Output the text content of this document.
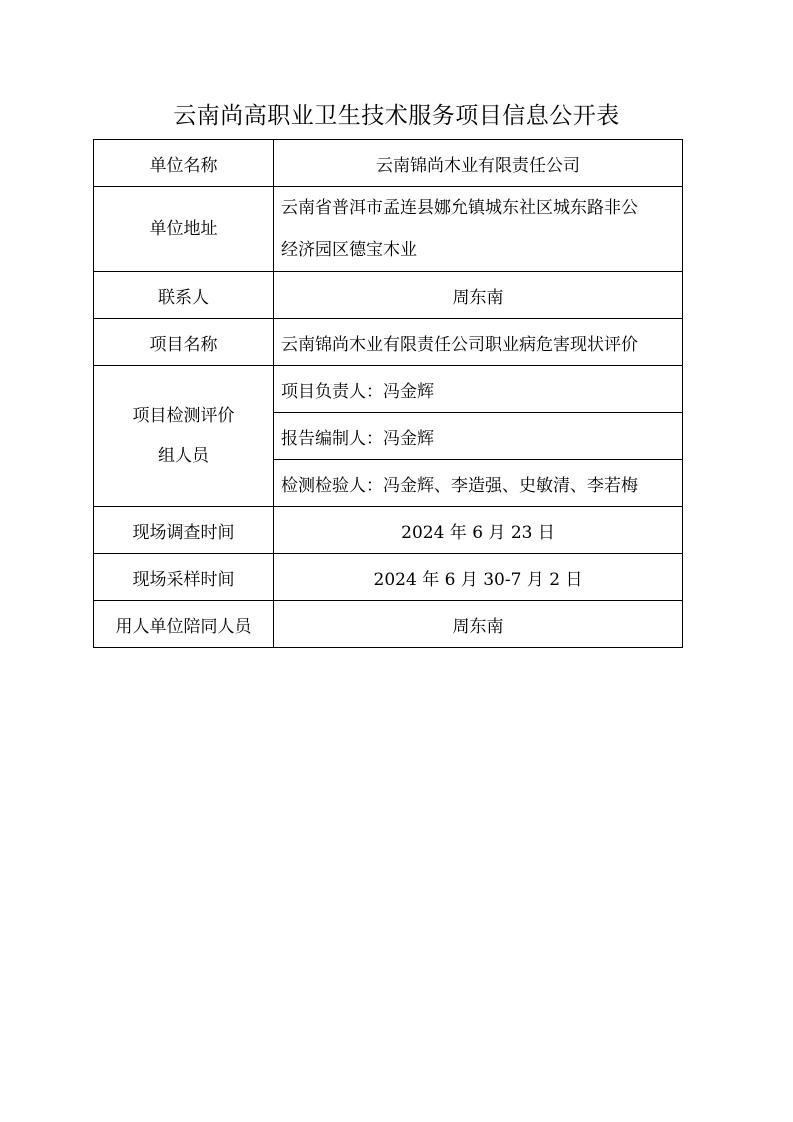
云南尚高职业卫生技术服务项目信息公开表
单位名称	云南锦尚木业有限责任公司
单位地址	云南省普洱市孟连县娜允镇城东社区城东路非公
经济园区德宝木业

联系人	周东南
项目名称	云南锦尚木业有限责任公司职业病危害现状评价

项目检测评价
组人员	项目负责人：冯金辉
	报告编制人：冯金辉
	检测检验人：冯金辉、李造强、史敏清、李若梅
现场调查时间	2024 年 6 月 23 日
现场采样时间	2024 年 6 月 30-7 月 2 日
用人单位陪同人员	周东南
